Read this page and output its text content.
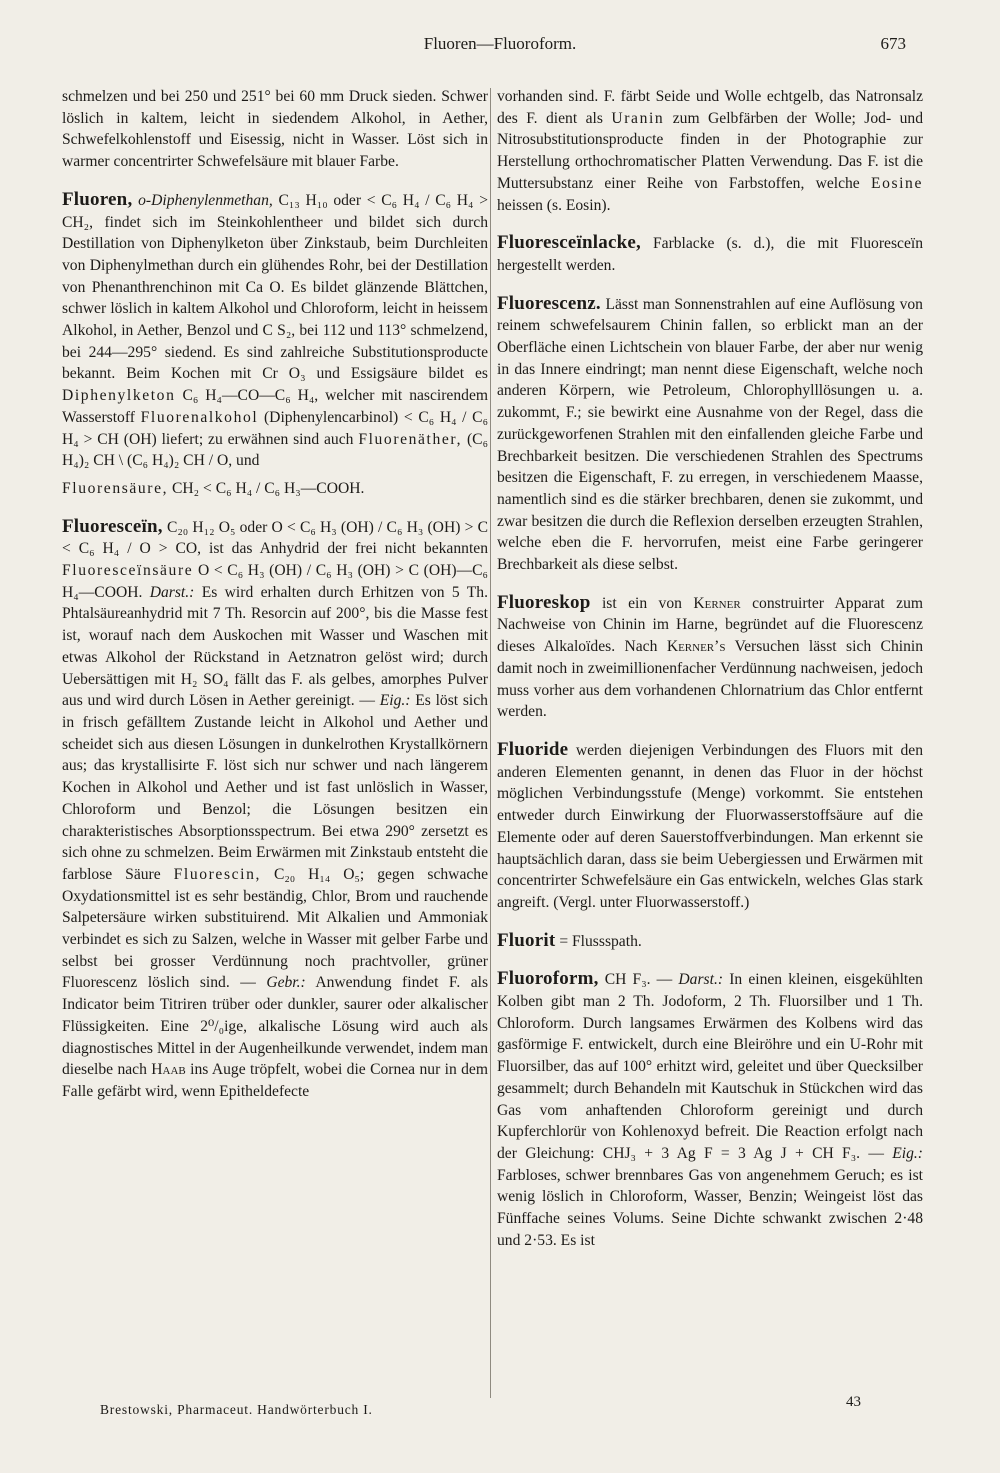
Fluoren—Fluoroform.	673

schmelzen und bei 250 und 251° bei 60 mm Druck sieden. Schwer löslich in kaltem, leicht in siedendem Alkohol, in Aether, Schwefelkohlenstoff und Eisessig, nicht in Wasser. Löst sich in warmer concentrirter Schwefelsäure mit blauer Farbe.

Fluoren, o-Diphenylenmethan, C₁₃ H₁₀ oder < C₆ H₄ / C₆ H₄ > CH₂, findet sich im Steinkohlentheer und bildet sich durch Destillation von Diphenylketon über Zinkstaub, beim Durchleiten von Diphenylmethan durch ein glühendes Rohr, bei der Destillation von Phenanthrenchinon mit Ca O. Es bildet glänzende Blättchen, schwer löslich in kaltem Alkohol und Chloroform, leicht in heissem Alkohol, in Aether, Benzol und C S₂, bei 112 und 113° schmelzend, bei 244—295° siedend. Es sind zahlreiche Substitutionsproducte bekannt. Beim Kochen mit Cr O₃ und Essigsäure bildet es Diphenylketon C₆ H₄—CO—C₆ H₄, welcher mit nascirendem Wasserstoff Fluorenalkohol (Diphenylencarbinol) < C₆ H₄ / C₆ H₄ > CH (OH) liefert; zu erwähnen sind auch Fluorenäther, (C₆ H₄)₂ CH \ (C₆ H₄)₂ CH / O, und

Fluorensäure, CH₂ < C₆ H₄ / C₆ H₃—COOH.

Fluoresceïn, C₂₀ H₁₂ O₅ oder O < C₆ H₃ (OH) / C₆ H₃ (OH) > C < C₆ H₄ / O > CO, ist das Anhydrid der frei nicht bekannten Fluoresceïnsäure O < C₆ H₃ (OH) / C₆ H₃ (OH) > C (OH)—C₆ H₄—COOH. Darst.: Es wird erhalten durch Erhitzen von 5 Th. Phtalsäureanhydrid mit 7 Th. Resorcin auf 200°, bis die Masse fest ist, worauf nach dem Auskochen mit Wasser und Waschen mit etwas Alkohol der Rückstand in Aetznatron gelöst wird; durch Uebersättigen mit H₂ SO₄ fällt das F. als gelbes, amorphes Pulver aus und wird durch Lösen in Aether gereinigt. — Eig.: Es löst sich in frisch gefälltem Zustande leicht in Alkohol und Aether und scheidet sich aus diesen Lösungen in dunkelrothen Krystallkörnern aus; das krystallisirte F. löst sich nur schwer und nach längerem Kochen in Alkohol und Aether und ist fast unlöslich in Wasser, Chloroform und Benzol; die Lösungen besitzen ein charakteristisches Absorptionsspectrum. Bei etwa 290° zersetzt es sich ohne zu schmelzen. Beim Erwärmen mit Zinkstaub entsteht die farblose Säure Fluorescin, C₂₀ H₁₄ O₅; gegen schwache Oxydationsmittel ist es sehr beständig, Chlor, Brom und rauchende Salpetersäure wirken substituirend. Mit Alkalien und Ammoniak verbindet es sich zu Salzen, welche in Wasser mit gelber Farbe und selbst bei grosser Verdünnung noch prachtvoller, grüner Fluorescenz löslich sind. — Gebr.: Anwendung findet F. als Indicator beim Titriren trüber oder dunkler, saurer oder alkalischer Flüssigkeiten. Eine 2⁰/₀ige, alkalische Lösung wird auch als diagnostisches Mittel in der Augenheilkunde verwendet, indem man dieselbe nach Haab ins Auge tröpfelt, wobei die Cornea nur in dem Falle gefärbt wird, wenn Epitheldefecte

vorhanden sind. F. färbt Seide und Wolle echtgelb, das Natronsalz des F. dient als Uranin zum Gelbfärben der Wolle; Jod- und Nitrosubstitutionsproducte finden in der Photographie zur Herstellung orthochromatischer Platten Verwendung. Das F. ist die Muttersubstanz einer Reihe von Farbstoffen, welche Eosine heissen (s. Eosin).

Fluoresceïnlacke, Farblacke (s. d.), die mit Fluoresceïn hergestellt werden.

Fluorescenz. Lässt man Sonnenstrahlen auf eine Auflösung von reinem schwefelsaurem Chinin fallen, so erblickt man an der Oberfläche einen Lichtschein von blauer Farbe, der aber nur wenig in das Innere eindringt; man nennt diese Eigenschaft, welche noch anderen Körpern, wie Petroleum, Chlorophylllösungen u. a. zukommt, F.; sie bewirkt eine Ausnahme von der Regel, dass die zurückgeworfenen Strahlen mit den einfallenden gleiche Farbe und Brechbarkeit besitzen. Die verschiedenen Strahlen des Spectrums besitzen die Eigenschaft, F. zu erregen, in verschiedenem Maasse, namentlich sind es die stärker brechbaren, denen sie zukommt, und zwar besitzen die durch die Reflexion derselben erzeugten Strahlen, welche eben die F. hervorrufen, meist eine Farbe geringerer Brechbarkeit als diese selbst.

Fluoreskop ist ein von Kerner construirter Apparat zum Nachweise von Chinin im Harne, begründet auf die Fluorescenz dieses Alkaloïdes. Nach Kerner’s Versuchen lässt sich Chinin damit noch in zweimillionenfacher Verdünnung nachweisen, jedoch muss vorher aus dem vorhandenen Chlornatrium das Chlor entfernt werden.

Fluoride werden diejenigen Verbindungen des Fluors mit den anderen Elementen genannt, in denen das Fluor in der höchst möglichen Verbindungsstufe (Menge) vorkommt. Sie entstehen entweder durch Einwirkung der Fluorwasserstoffsäure auf die Elemente oder auf deren Sauerstoffverbindungen. Man erkennt sie hauptsächlich daran, dass sie beim Uebergiessen und Erwärmen mit concentrirter Schwefelsäure ein Gas entwickeln, welches Glas stark angreift. (Vergl. unter Fluorwasserstoff.)

Fluorit = Flussspath.

Fluoroform, CH F₃. — Darst.: In einen kleinen, eisgekühlten Kolben gibt man 2 Th. Jodoform, 2 Th. Fluorsilber und 1 Th. Chloroform. Durch langsames Erwärmen des Kolbens wird das gasförmige F. entwickelt, durch eine Bleiröhre und ein U-Rohr mit Fluorsilber, das auf 100° erhitzt wird, geleitet und über Quecksilber gesammelt; durch Behandeln mit Kautschuk in Stückchen wird das Gas vom anhaftenden Chloroform gereinigt und durch Kupferchlorür von Kohlenoxyd befreit. Die Reaction erfolgt nach der Gleichung: CHJ₃ + 3 Ag F = 3 Ag J + CH F₃. — Eig.: Farbloses, schwer brennbares Gas von angenehmem Geruch; es ist wenig löslich in Chloroform, Wasser, Benzin; Weingeist löst das Fünffache seines Volums. Seine Dichte schwankt zwischen 2·48 und 2·53. Es ist

Brestowski, Pharmaceut. Handwörterbuch I.	43
